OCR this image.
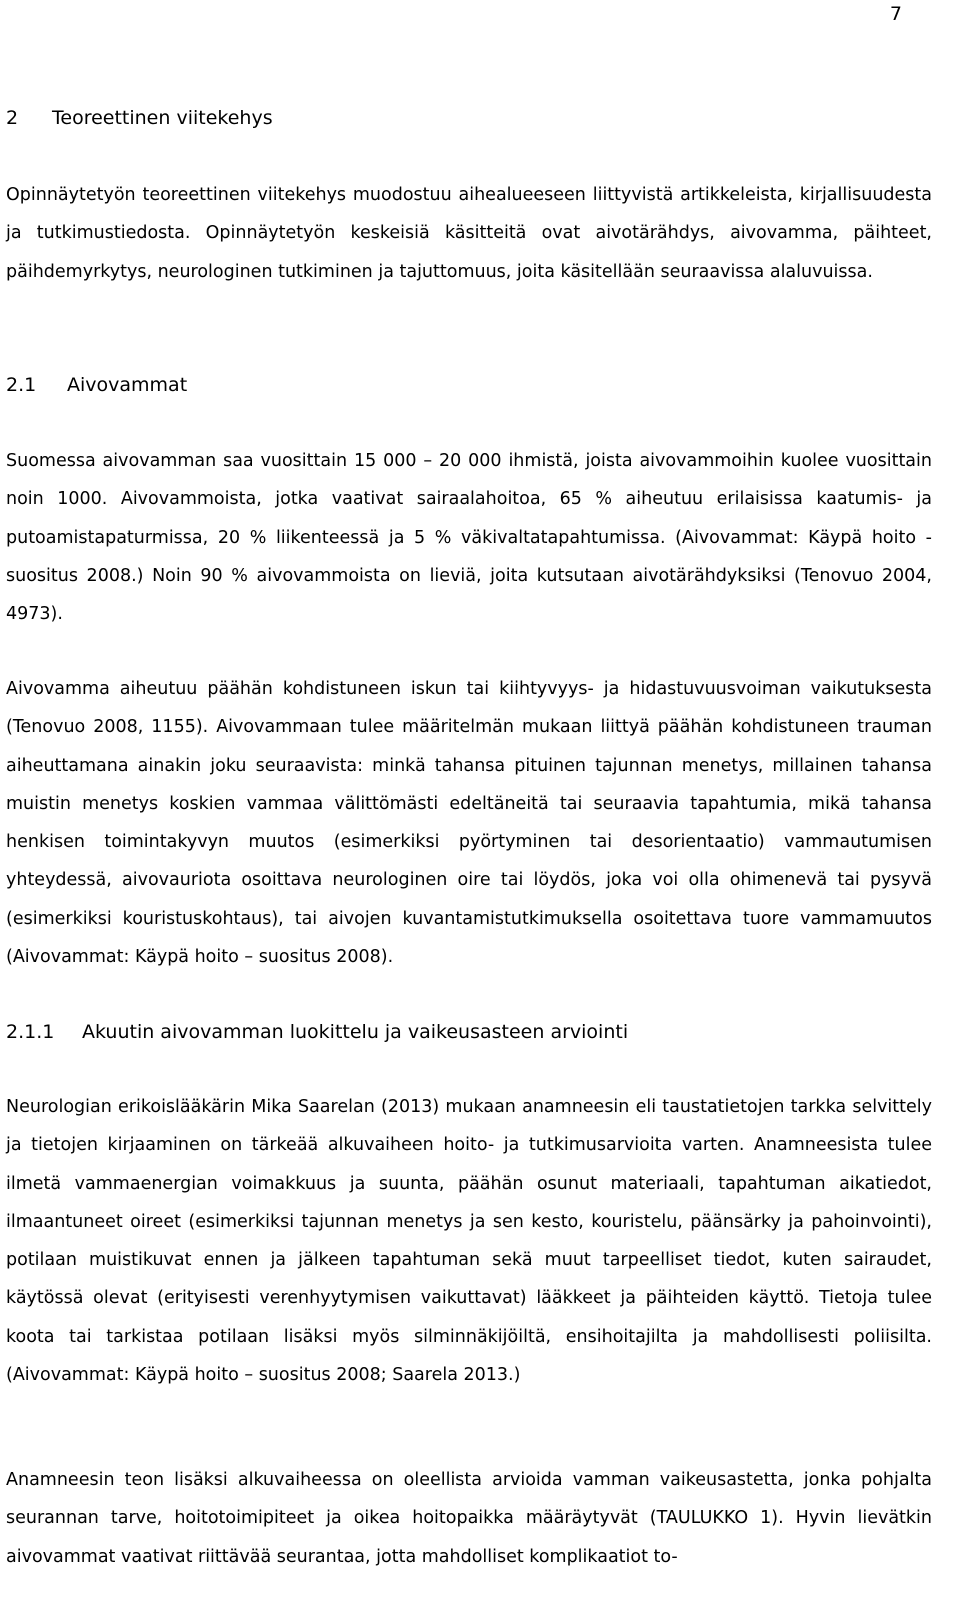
7
2 Teoreettinen viitekehys

Opinnäytetyön teoreettinen viitekehys muodostuu aihealueeseen liittyvistä artikkeleista, kirjallisuudesta ja tutkimustiedosta. Opinnäytetyön keskeisiä käsitteitä ovat aivotärähdys, aivovamma, päihteet, päihdemyrkytys, neurologinen tutkiminen ja tajuttomuus, joita käsitellään seuraavissa alaluvuissa.

2.1 Aivovammat

Suomessa aivovamman saa vuosittain 15 000 – 20 000 ihmistä, joista aivovammoihin kuolee vuosittain noin 1000. Aivovammoista, jotka vaativat sairaalahoitoa, 65 % aiheutuu erilaisissa kaatumis- ja putoamistapaturmissa, 20 % liikenteessä ja 5 % väkivaltatapahtumissa. (Aivovammat: Käypä hoito -suositus 2008.) Noin 90 % aivovammoista on lieviä, joita kutsutaan aivotärähdyksiksi (Tenovuo 2004, 4973).

Aivovamma aiheutuu päähän kohdistuneen iskun tai kiihtyvyys- ja hidastuvuusvoiman vaikutuksesta (Tenovuo 2008, 1155). Aivovammaan tulee määritelmän mukaan liittyä päähän kohdistuneen trauman aiheuttamana ainakin joku seuraavista: minkä tahansa pituinen tajunnan menetys, millainen tahansa muistin menetys koskien vammaa välittömästi edeltäneitä tai seuraavia tapahtumia, mikä tahansa henkisen toimintakyvyn muutos (esimerkiksi pyörtyminen tai desorientaatio) vammautumisen yhteydessä, aivovauriota osoittava neurologinen oire tai löydös, joka voi olla ohimenevä tai pysyvä (esimerkiksi kouristuskohtaus), tai aivojen kuvantamistutkimuksella osoitettava tuore vammamuutos (Aivovammat: Käypä hoito – suositus 2008).

2.1.1 Akuutin aivovamman luokittelu ja vaikeusasteen arviointi

Neurologian erikoislääkärin Mika Saarelan (2013) mukaan anamneesin eli taustatietojen tarkka selvittely ja tietojen kirjaaminen on tärkeää alkuvaiheen hoito- ja tutkimusarvioita varten. Anamneesista tulee ilmetä vammaenergian voimakkuus ja suunta, päähän osunut materiaali, tapahtuman aikatiedot, ilmaantuneet oireet (esimerkiksi tajunnan menetys ja sen kesto, kouristelu, päänsärky ja pahoinvointi), potilaan muistikuvat ennen ja jälkeen tapahtuman sekä muut tarpeelliset tiedot, kuten sairaudet, käytössä olevat (erityisesti verenhyytymisen vaikuttavat) lääkkeet ja päihteiden käyttö. Tietoja tulee koota tai tarkistaa potilaan lisäksi myös silminnäkijöiltä, ensihoitajilta ja mahdollisesti poliisilta. (Aivovammat: Käypä hoito – suositus 2008; Saarela 2013.)

Anamneesin teon lisäksi alkuvaiheessa on oleellista arvioida vamman vaikeusastetta, jonka pohjalta seurannan tarve, hoitotoimipiteet ja oikea hoitopaikka määräytyvät (TAULUKKO 1). Hyvin lievätkin aivovammat vaativat riittävää seurantaa, jotta mahdolliset komplikaatiot to-
